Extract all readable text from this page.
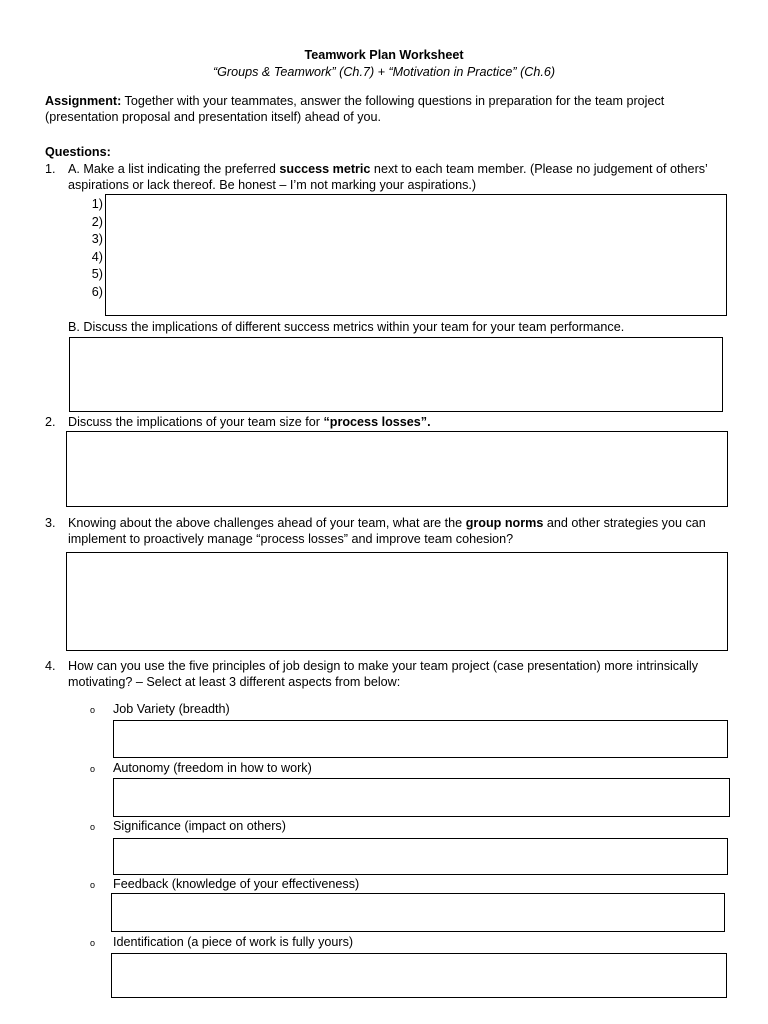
Teamwork Plan Worksheet
“Groups & Teamwork” (Ch.7) + “Motivation in Practice” (Ch.6)
Assignment: Together with your teammates, answer the following questions in preparation for the team project (presentation proposal and presentation itself) ahead of you.
Questions:
1. A. Make a list indicating the preferred success metric next to each team member. (Please no judgement of others’ aspirations or lack thereof. Be honest – I’m not marking your aspirations.)
1)
2)
3)
4)
5)
6)
B. Discuss the implications of different success metrics within your team for your team performance.
2. Discuss the implications of your team size for “process losses”.
3. Knowing about the above challenges ahead of your team, what are the group norms and other strategies you can implement to proactively manage “process losses” and improve team cohesion?
4. How can you use the five principles of job design to make your team project (case presentation) more intrinsically motivating? – Select at least 3 different aspects from below:
o Job Variety (breadth)
o Autonomy (freedom in how to work)
o Significance (impact on others)
o Feedback (knowledge of your effectiveness)
o Identification (a piece of work is fully yours)
